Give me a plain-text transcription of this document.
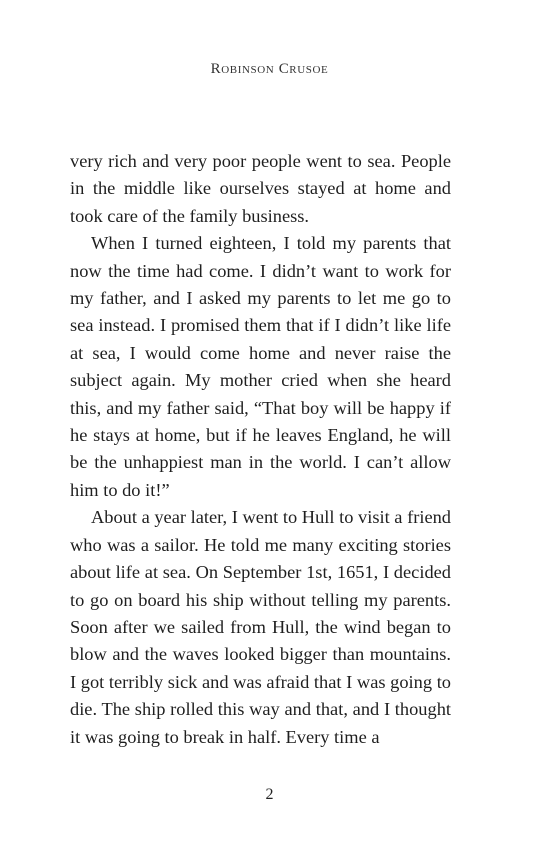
Robinson Crusoe

very rich and very poor people went to sea. People in the middle like ourselves stayed at home and took care of the family business.

When I turned eighteen, I told my parents that now the time had come. I didn’t want to work for my father, and I asked my parents to let me go to sea instead. I promised them that if I didn’t like life at sea, I would come home and never raise the subject again. My mother cried when she heard this, and my father said, “That boy will be happy if he stays at home, but if he leaves England, he will be the unhappiest man in the world. I can’t allow him to do it!”

About a year later, I went to Hull to visit a friend who was a sailor. He told me many exciting stories about life at sea. On September 1st, 1651, I decided to go on board his ship without telling my parents. Soon after we sailed from Hull, the wind began to blow and the waves looked bigger than mountains. I got terribly sick and was afraid that I was going to die. The ship rolled this way and that, and I thought it was going to break in half. Every time a

2
